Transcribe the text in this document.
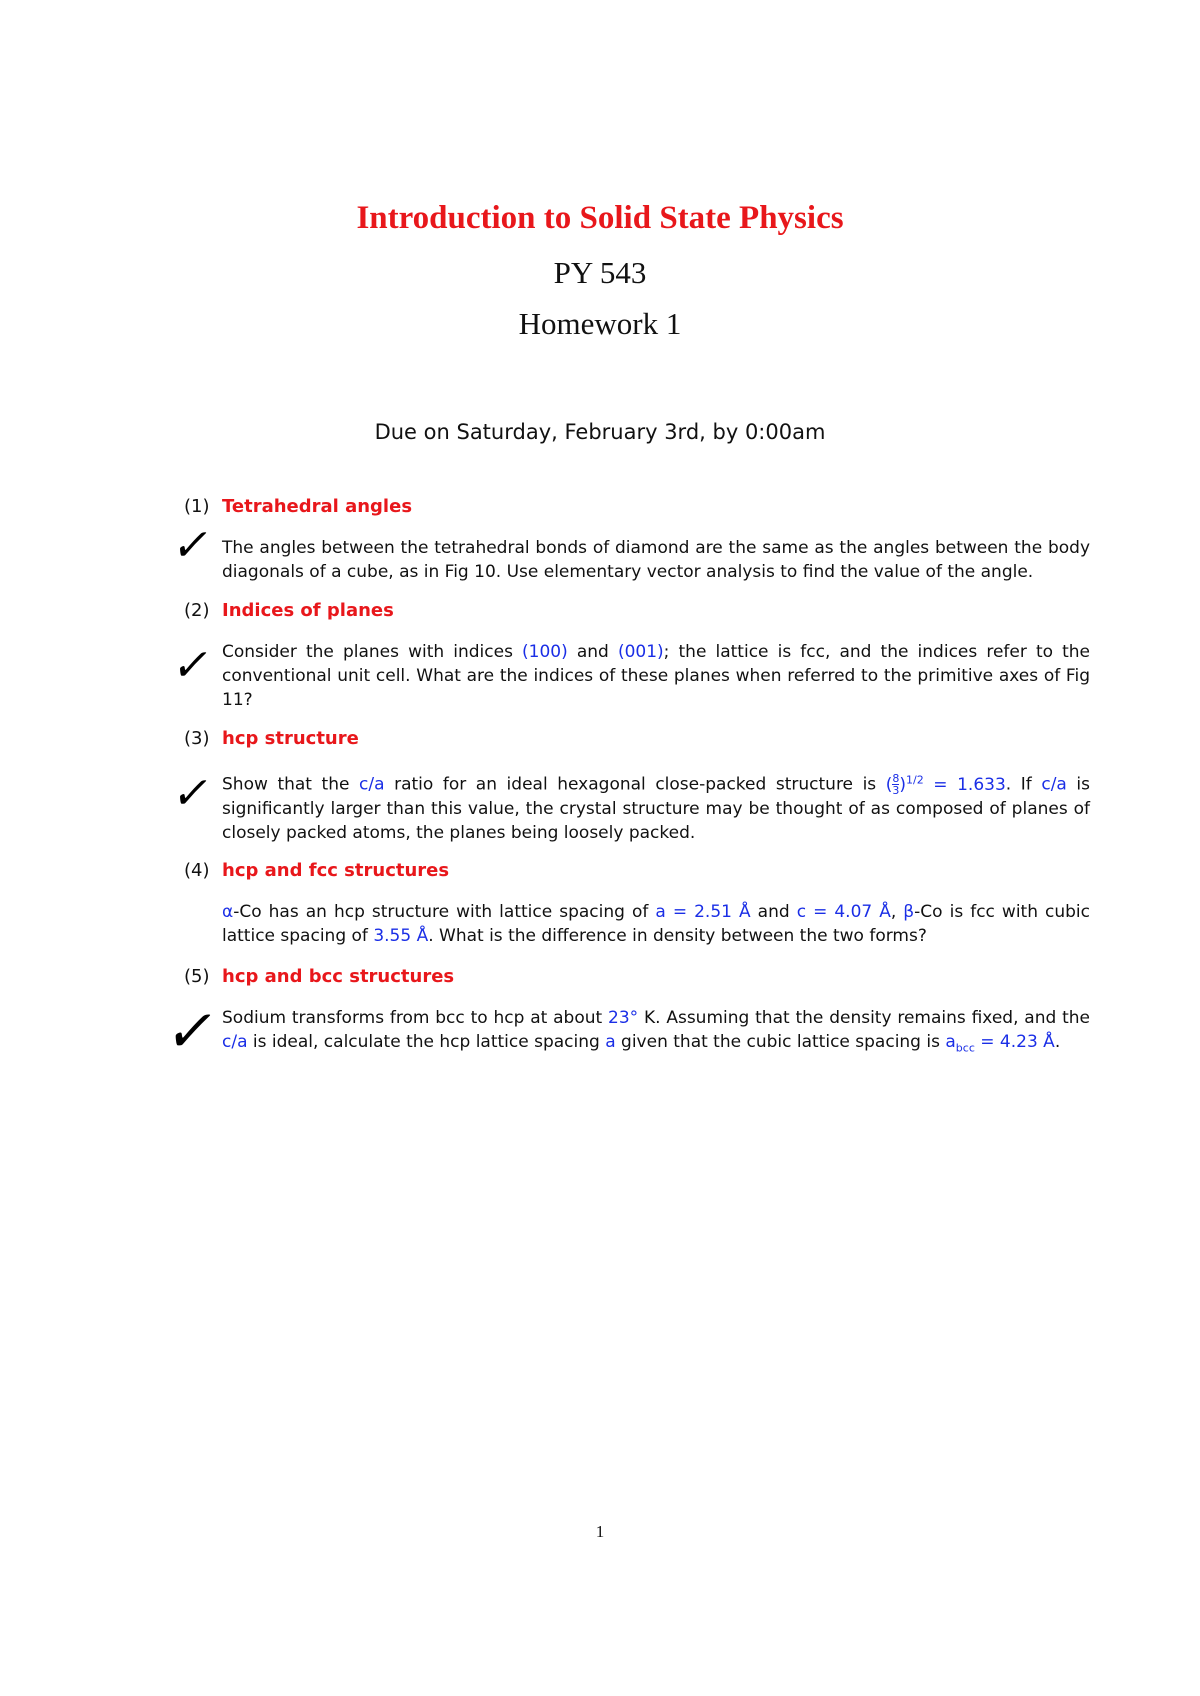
Introduction to Solid State Physics
PY 543
Homework 1
Due on Saturday, February 3rd, by 0:00am
(1) Tetrahedral angles
✓ The angles between the tetrahedral bonds of diamond are the same as the angles between the body diagonals of a cube, as in Fig 10. Use elementary vector analysis to find the value of the angle.
(2) Indices of planes
✓ Consider the planes with indices (100) and (001); the lattice is fcc, and the indices refer to the conventional unit cell. What are the indices of these planes when referred to the primitive axes of Fig 11?
(3) hcp structure
✓ Show that the c/a ratio for an ideal hexagonal close-packed structure is ( $\frac{8}{3} )^{1/2} = 1.633$. If c/a is significantly larger than this value, the crystal structure may be thought of as composed of planes of closely packed atoms, the planes being loosely packed.
(4) hcp and fcc structures
α-Co has an hcp structure with lattice spacing of a = 2.51 Å and c = 4.07 Å, β-Co is fcc with cubic lattice spacing of 3.55 Å. What is the difference in density between the two forms?
(5) hcp and bcc structures
✓
Sodium transforms from bcc to hcp at about 23° K. Assuming that the density remains fixed, and the c/a is ideal, calculate the hcp lattice spacing a given that the cubic lattice spacing is $a_{bcc} = 4.23$ Å.
1
